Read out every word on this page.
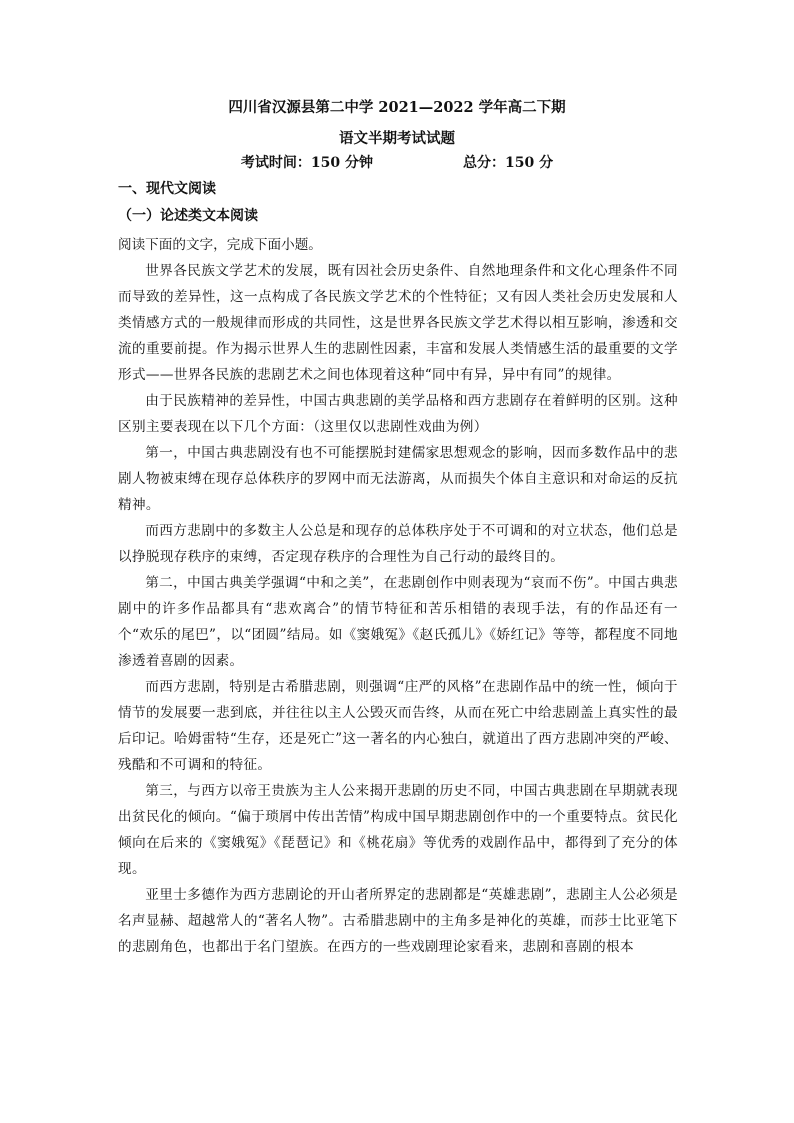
四川省汉源县第二中学 2021—2022 学年高二下期
语文半期考试试题
考试时间：150 分钟	总分：150 分
一、现代文阅读
（一）论述类文本阅读
阅读下面的文字，完成下面小题。

世界各民族文学艺术的发展，既有因社会历史条件、自然地理条件和文化心理条件不同而导致的差异性，这一点构成了各民族文学艺术的个性特征；又有因人类社会历史发展和人类情感方式的一般规律而形成的共同性，这是世界各民族文学艺术得以相互影响，渗透和交流的重要前提。作为揭示世界人生的悲剧性因素，丰富和发展人类情感生活的最重要的文学形式——世界各民族的悲剧艺术之间也体现着这种“同中有异，异中有同”的规律。

由于民族精神的差异性，中国古典悲剧的美学品格和西方悲剧存在着鲜明的区别。这种区别主要表现在以下几个方面：（这里仅以悲剧性戏曲为例）

第一，中国古典悲剧没有也不可能摆脱封建儒家思想观念的影响，因而多数作品中的悲剧人物被束缚在现存总体秩序的罗网中而无法游离，从而损失个体自主意识和对命运的反抗精神。

而西方悲剧中的多数主人公总是和现存的总体秩序处于不可调和的对立状态，他们总是以挣脱现存秩序的束缚，否定现存秩序的合理性为自己行动的最终目的。

第二，中国古典美学强调“中和之美”，在悲剧创作中则表现为“哀而不伤”。中国古典悲剧中的许多作品都具有“悲欢离合”的情节特征和苦乐相错的表现手法，有的作品还有一个“欢乐的尾巴”，以“团圆”结局。如《窦娥冤》《赵氏孤儿》《娇红记》等等，都程度不同地渗透着喜剧的因素。

而西方悲剧，特别是古希腊悲剧，则强调“庄严的风格”在悲剧作品中的统一性，倾向于情节的发展要一悲到底，并往往以主人公毁灭而告终，从而在死亡中给悲剧盖上真实性的最后印记。哈姆雷特“生存，还是死亡”这一著名的内心独白，就道出了西方悲剧冲突的严峻、残酷和不可调和的特征。

第三，与西方以帝王贵族为主人公来揭开悲剧的历史不同，中国古典悲剧在早期就表现出贫民化的倾向。“偏于琐屑中传出苦情”构成中国早期悲剧创作中的一个重要特点。贫民化倾向在后来的《窦娥冤》《琵琶记》和《桃花扇》等优秀的戏剧作品中，都得到了充分的体现。

亚里士多德作为西方悲剧论的开山者所界定的悲剧都是“英雄悲剧”，悲剧主人公必须是名声显赫、超越常人的“著名人物”。古希腊悲剧中的主角多是神化的英雄，而莎士比亚笔下的悲剧角色，也都出于名门望族。在西方的一些戏剧理论家看来，悲剧和喜剧的根本
